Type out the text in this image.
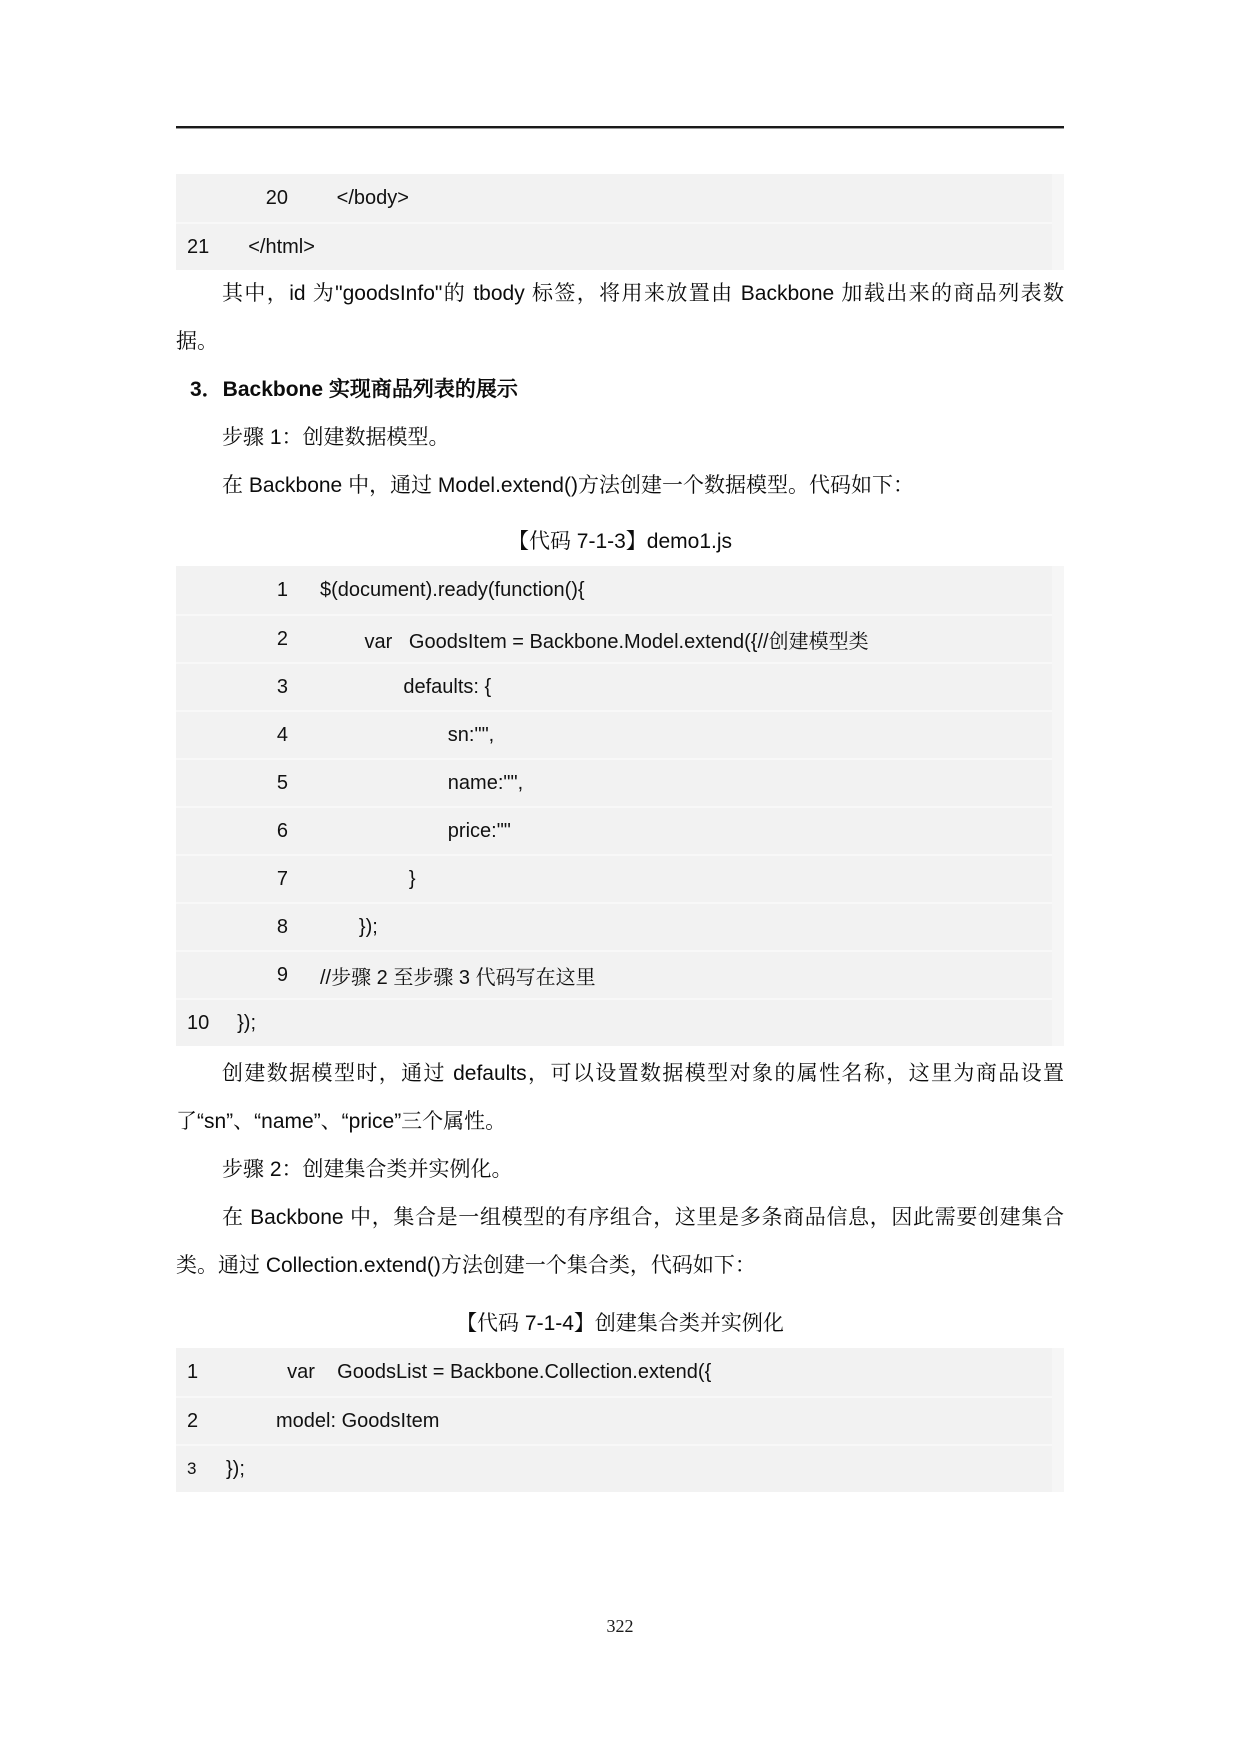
20 </body>
21 </html>

其中，id 为"goodsInfo"的 tbody 标签，将用来放置由 Backbone 加载出来的商品列表数据。

3．Backbone 实现商品列表的展示

步骤 1：创建数据模型。

在 Backbone 中，通过 Model.extend()方法创建一个数据模型。代码如下：

【代码 7-1-3】demo1.js
1 $(document).ready(function(){
2 var   GoodsItem = Backbone.Model.extend({//创建模型类
3 defaults: {
4 sn:"",
5 name:"",
6 price:""
7 }
8 });
9 //步骤 2 至步骤 3 代码写在这里
10 });

创建数据模型时，通过 defaults，可以设置数据模型对象的属性名称，这里为商品设置了“sn”、“name”、“price”三个属性。

步骤 2：创建集合类并实例化。

在 Backbone 中，集合是一组模型的有序组合，这里是多条商品信息，因此需要创建集合类。通过 Collection.extend()方法创建一个集合类，代码如下：

【代码 7-1-4】创建集合类并实例化
1	var    GoodsList = Backbone.Collection.extend({
2	model: GoodsItem
3	});
322
